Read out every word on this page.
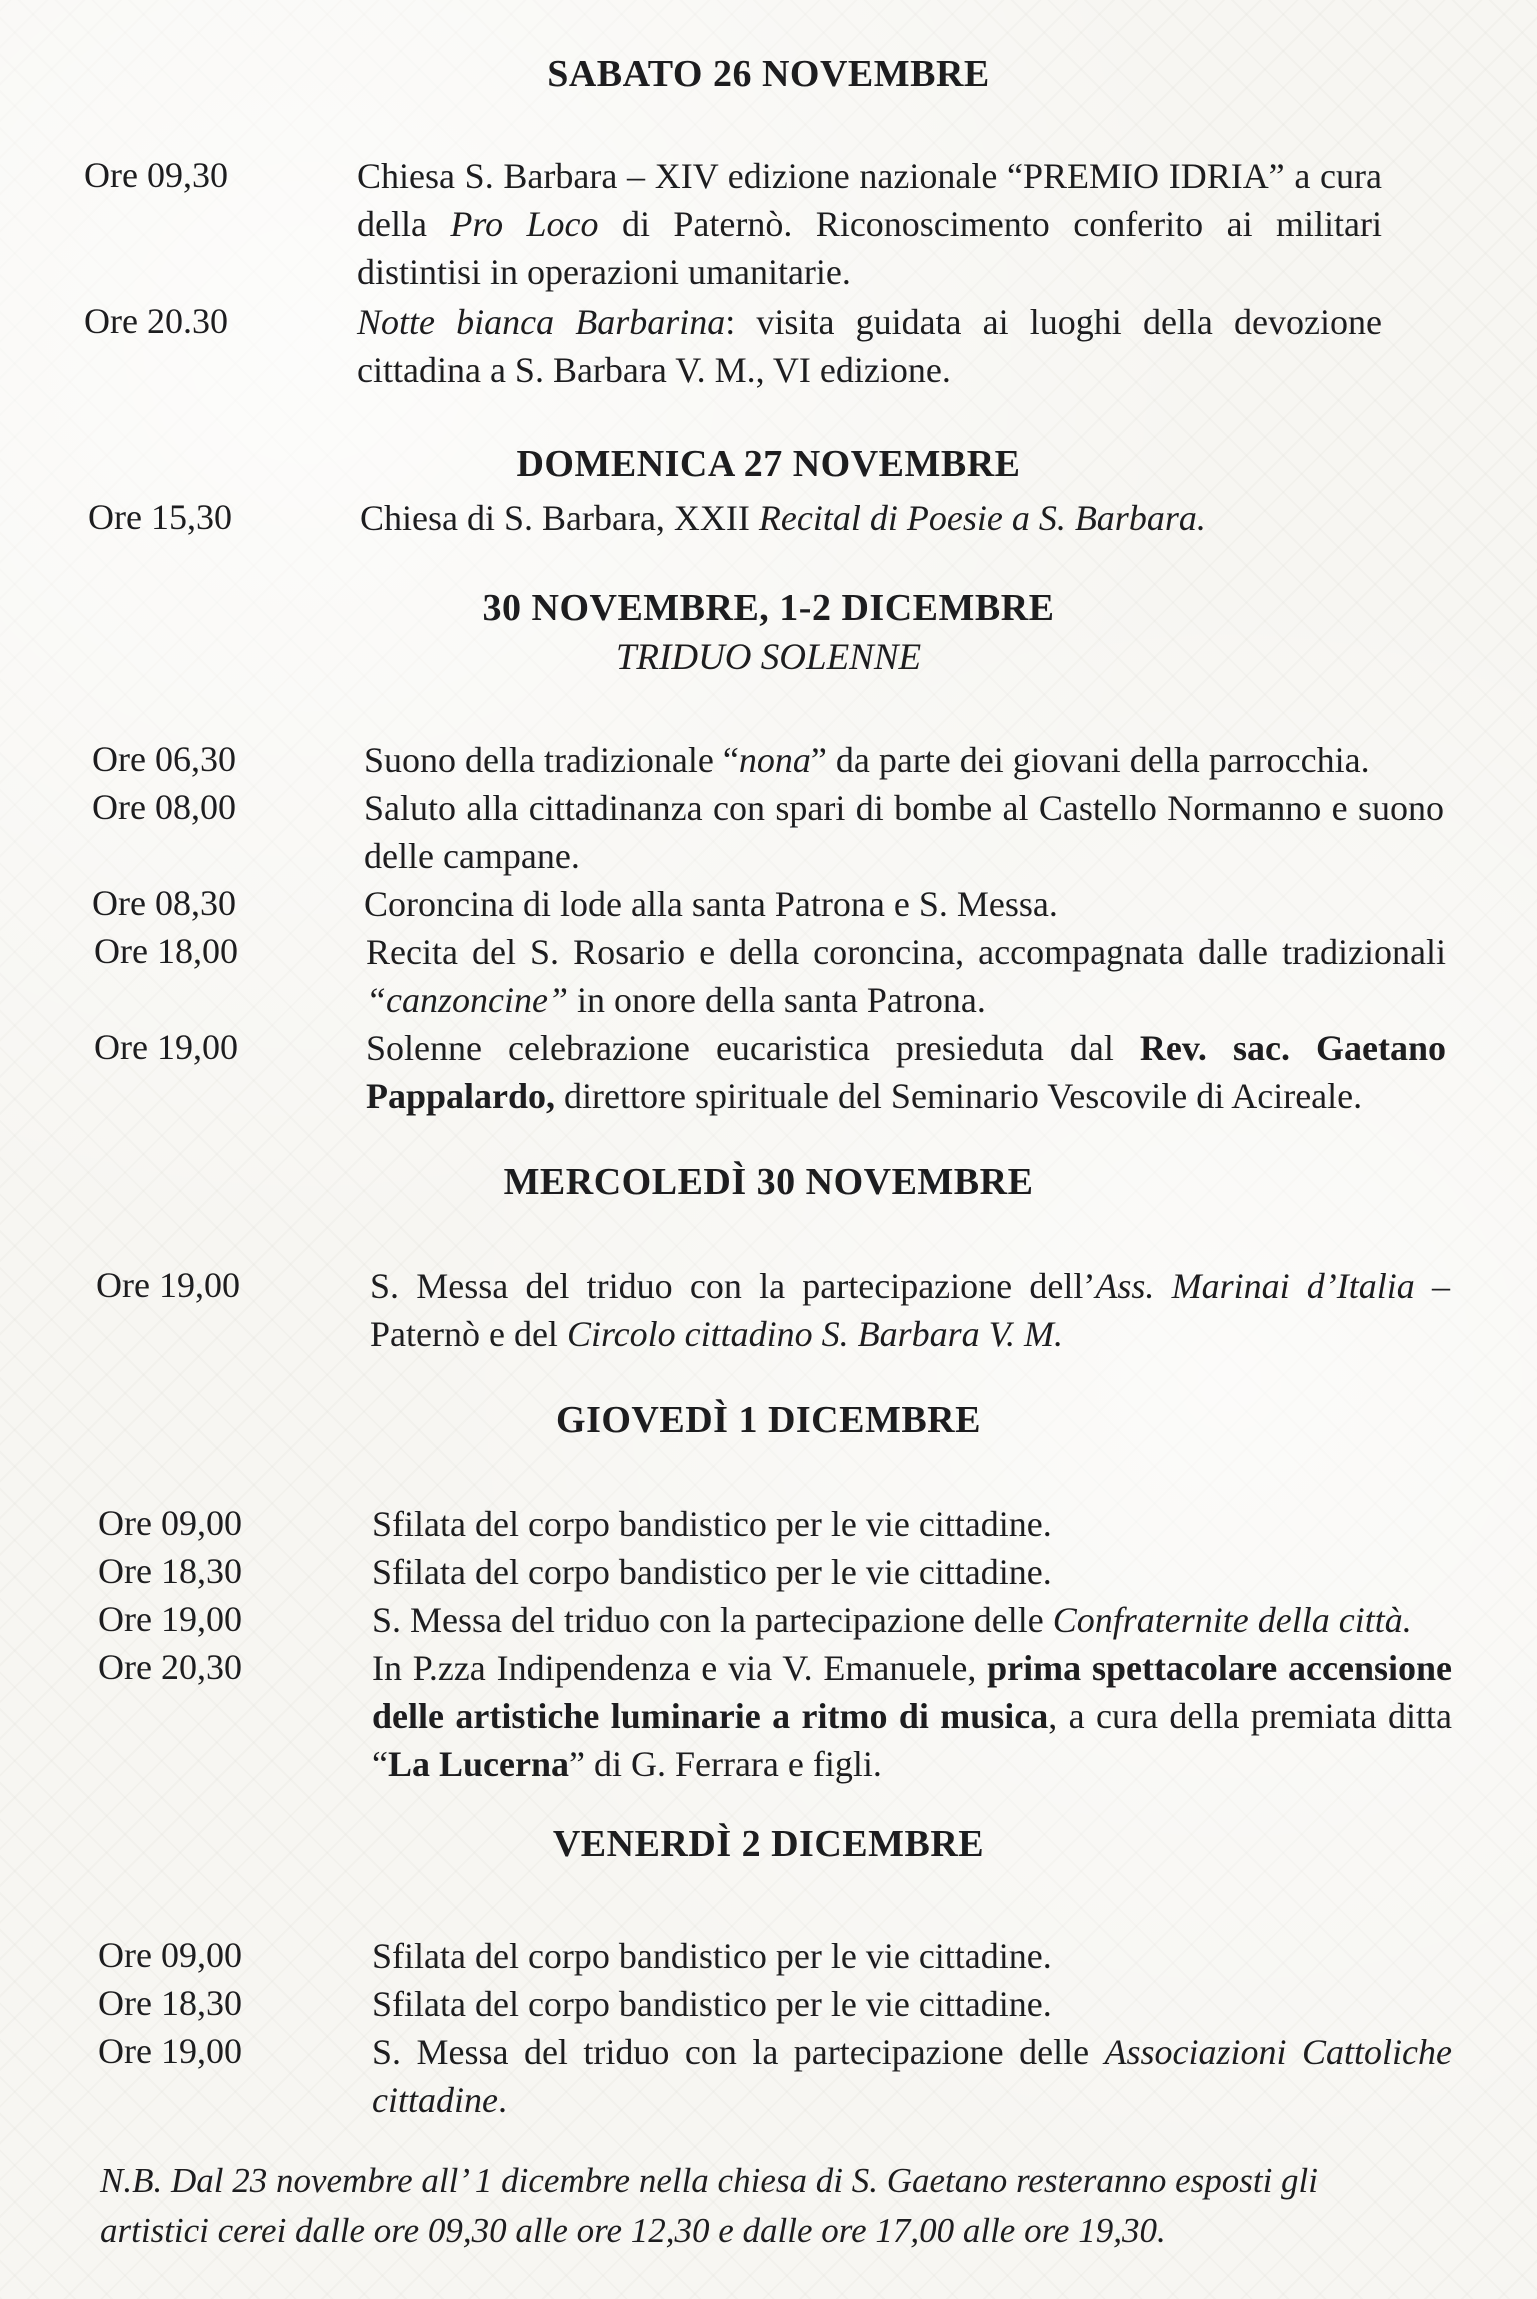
SABATO 26 NOVEMBRE
Ore 09,30	Chiesa S. Barbara – XIV edizione nazionale “PREMIO IDRIA” a cura della Pro Loco di Paternò. Riconoscimento conferito ai militari distintisi in operazioni umanitarie.
Ore 20.30	Notte bianca Barbarina: visita guidata ai luoghi della devozione cittadina a S. Barbara V. M., VI edizione.
DOMENICA 27 NOVEMBRE
Ore 15,30	Chiesa di S. Barbara, XXII Recital di Poesie a S. Barbara.
30 NOVEMBRE, 1-2 DICEMBRE
TRIDUO SOLENNE
Ore 06,30	Suono della tradizionale “nona” da parte dei giovani della parrocchia.
Ore 08,00	Saluto alla cittadinanza con spari di bombe al Castello Normanno e suono delle campane.
Ore 08,30	Coroncina di lode alla santa Patrona e S. Messa.
Ore 18,00	Recita del S. Rosario e della coroncina, accompagnata dalle tradizionali “canzoncine” in onore della santa Patrona.
Ore 19,00	Solenne celebrazione eucaristica presieduta dal Rev. sac. Gaetano Pappalardo, direttore spirituale del Seminario Vescovile di Acireale.
MERCOLEDÌ 30 NOVEMBRE
Ore 19,00	S. Messa del triduo con la partecipazione dell’Ass. Marinai d’Italia – Paternò e del Circolo cittadino S. Barbara V. M.
GIOVEDÌ 1 DICEMBRE
Ore 09,00	Sfilata del corpo bandistico per le vie cittadine.
Ore 18,30	Sfilata del corpo bandistico per le vie cittadine.
Ore 19,00	S. Messa del triduo con la partecipazione delle Confraternite della città.
Ore 20,30	In P.zza Indipendenza e via V. Emanuele, prima spettacolare accensione delle artistiche luminarie a ritmo di musica, a cura della premiata ditta “La Lucerna” di G. Ferrara e figli.
VENERDÌ 2 DICEMBRE
Ore 09,00	Sfilata del corpo bandistico per le vie cittadine.
Ore 18,30	Sfilata del corpo bandistico per le vie cittadine.
Ore 19,00	S. Messa del triduo con la partecipazione delle Associazioni Cattoliche cittadine.
N.B. Dal 23 novembre all’ 1 dicembre nella chiesa di S. Gaetano resteranno esposti gli artistici cerei dalle ore 09,30 alle ore 12,30 e dalle ore 17,00 alle ore 19,30.
